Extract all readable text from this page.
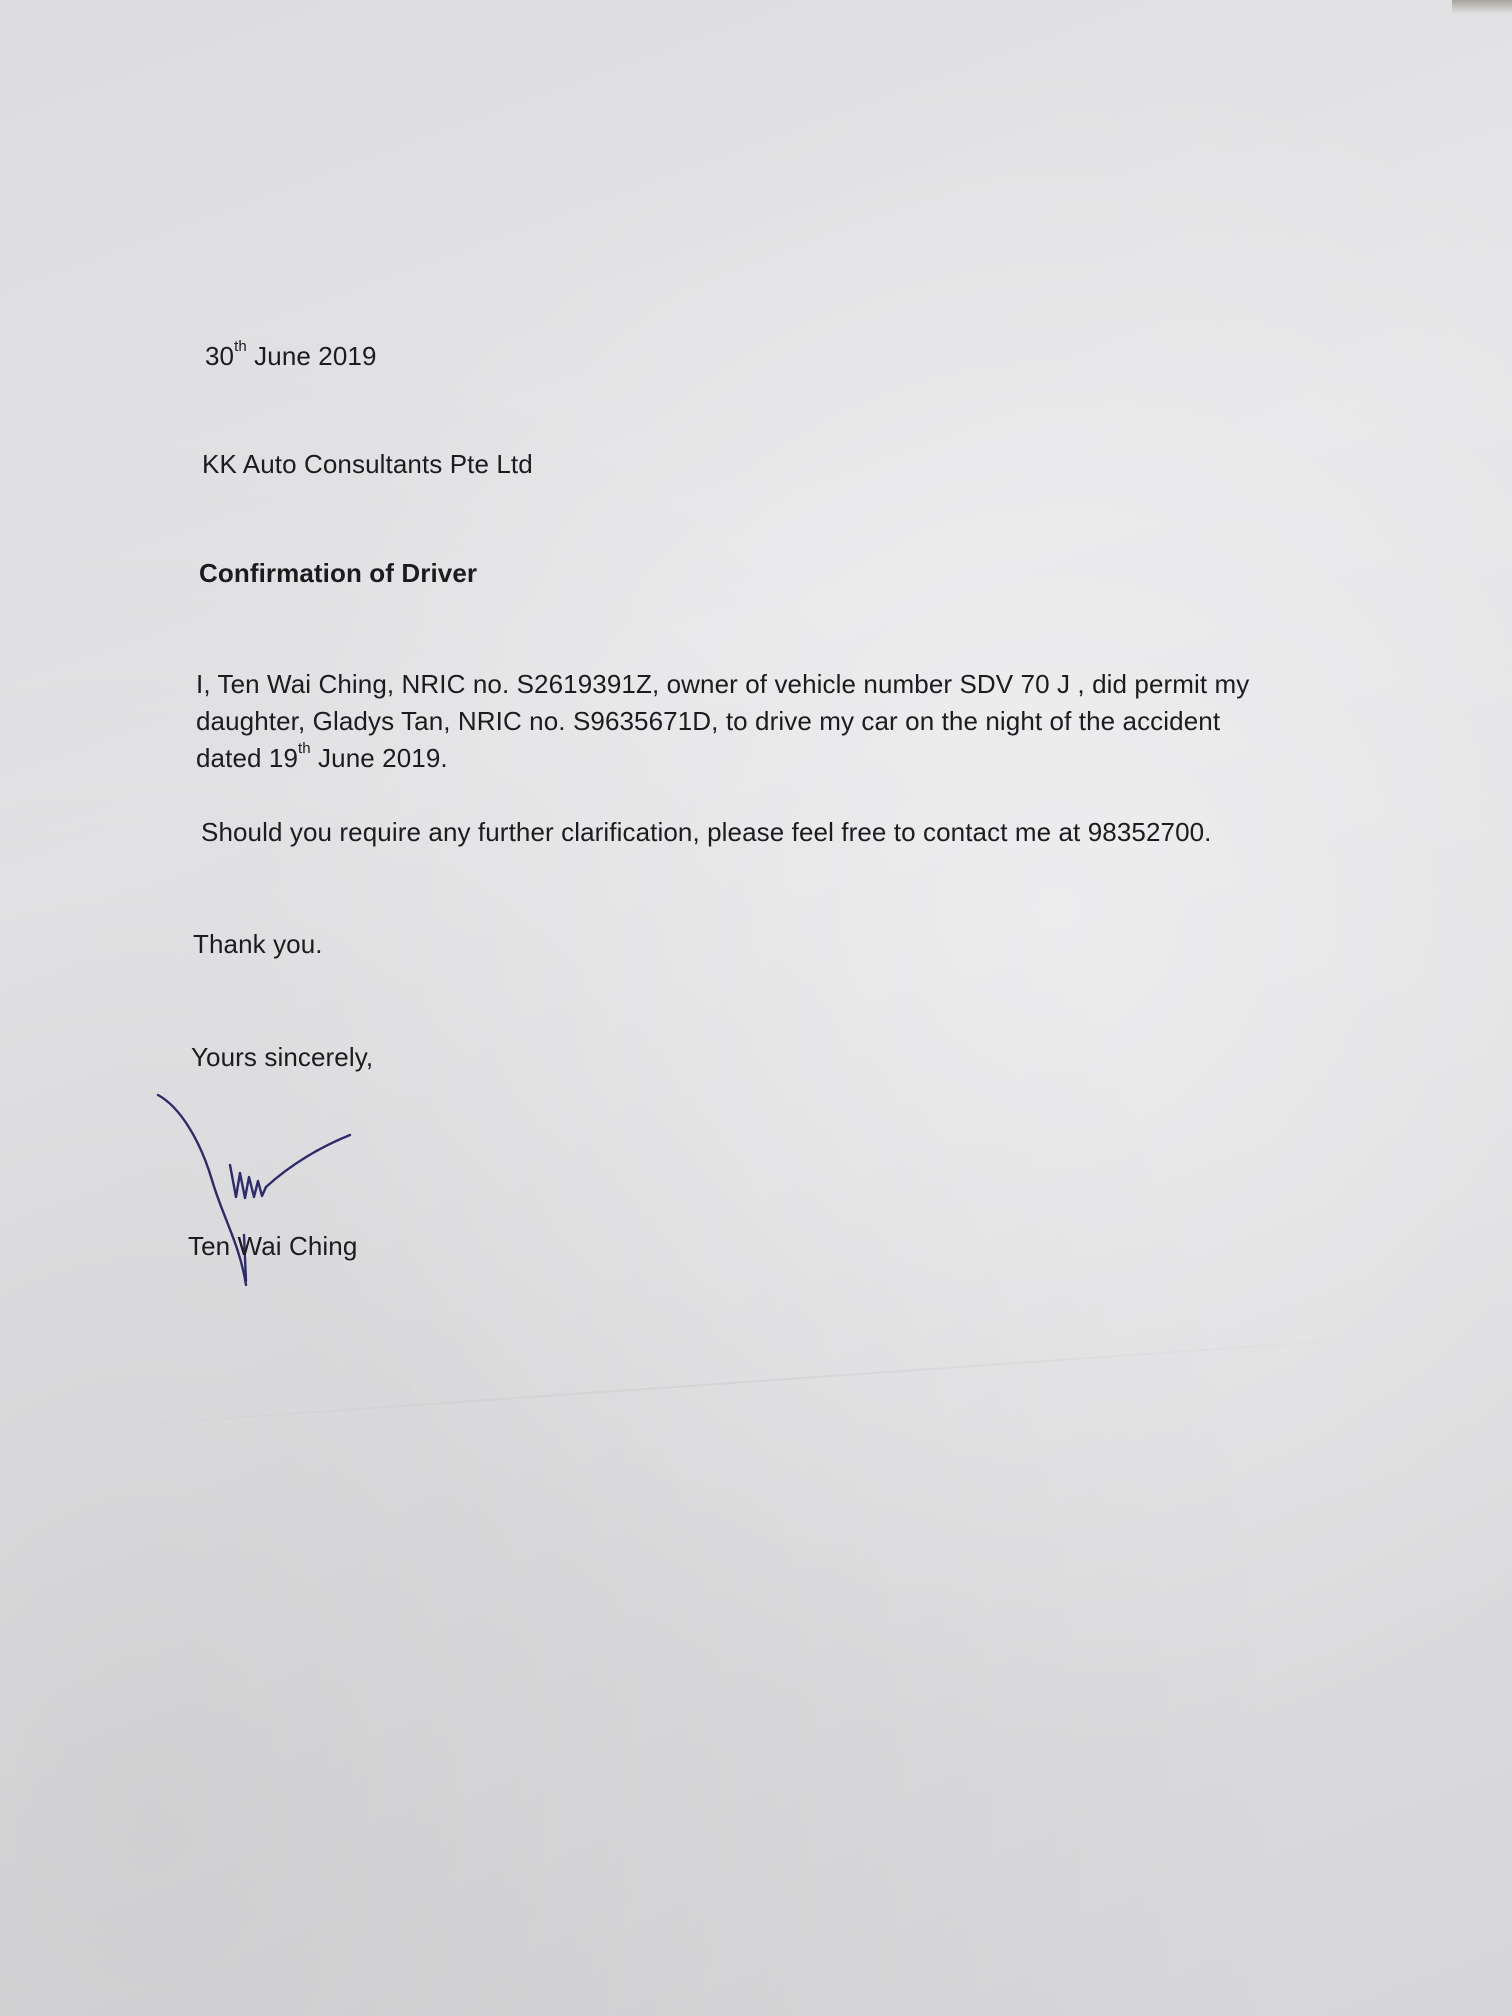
30th June 2019
KK Auto Consultants Pte Ltd
Confirmation of Driver
I, Ten Wai Ching, NRIC no. S2619391Z, owner of vehicle number SDV 70 J , did permit my
daughter, Gladys Tan, NRIC no. S9635671D, to drive my car on the night of the accident
dated 19th June 2019.
Should you require any further clarification, please feel free to contact me at 98352700.
Thank you.
Yours sincerely,
Ten Wai Ching
